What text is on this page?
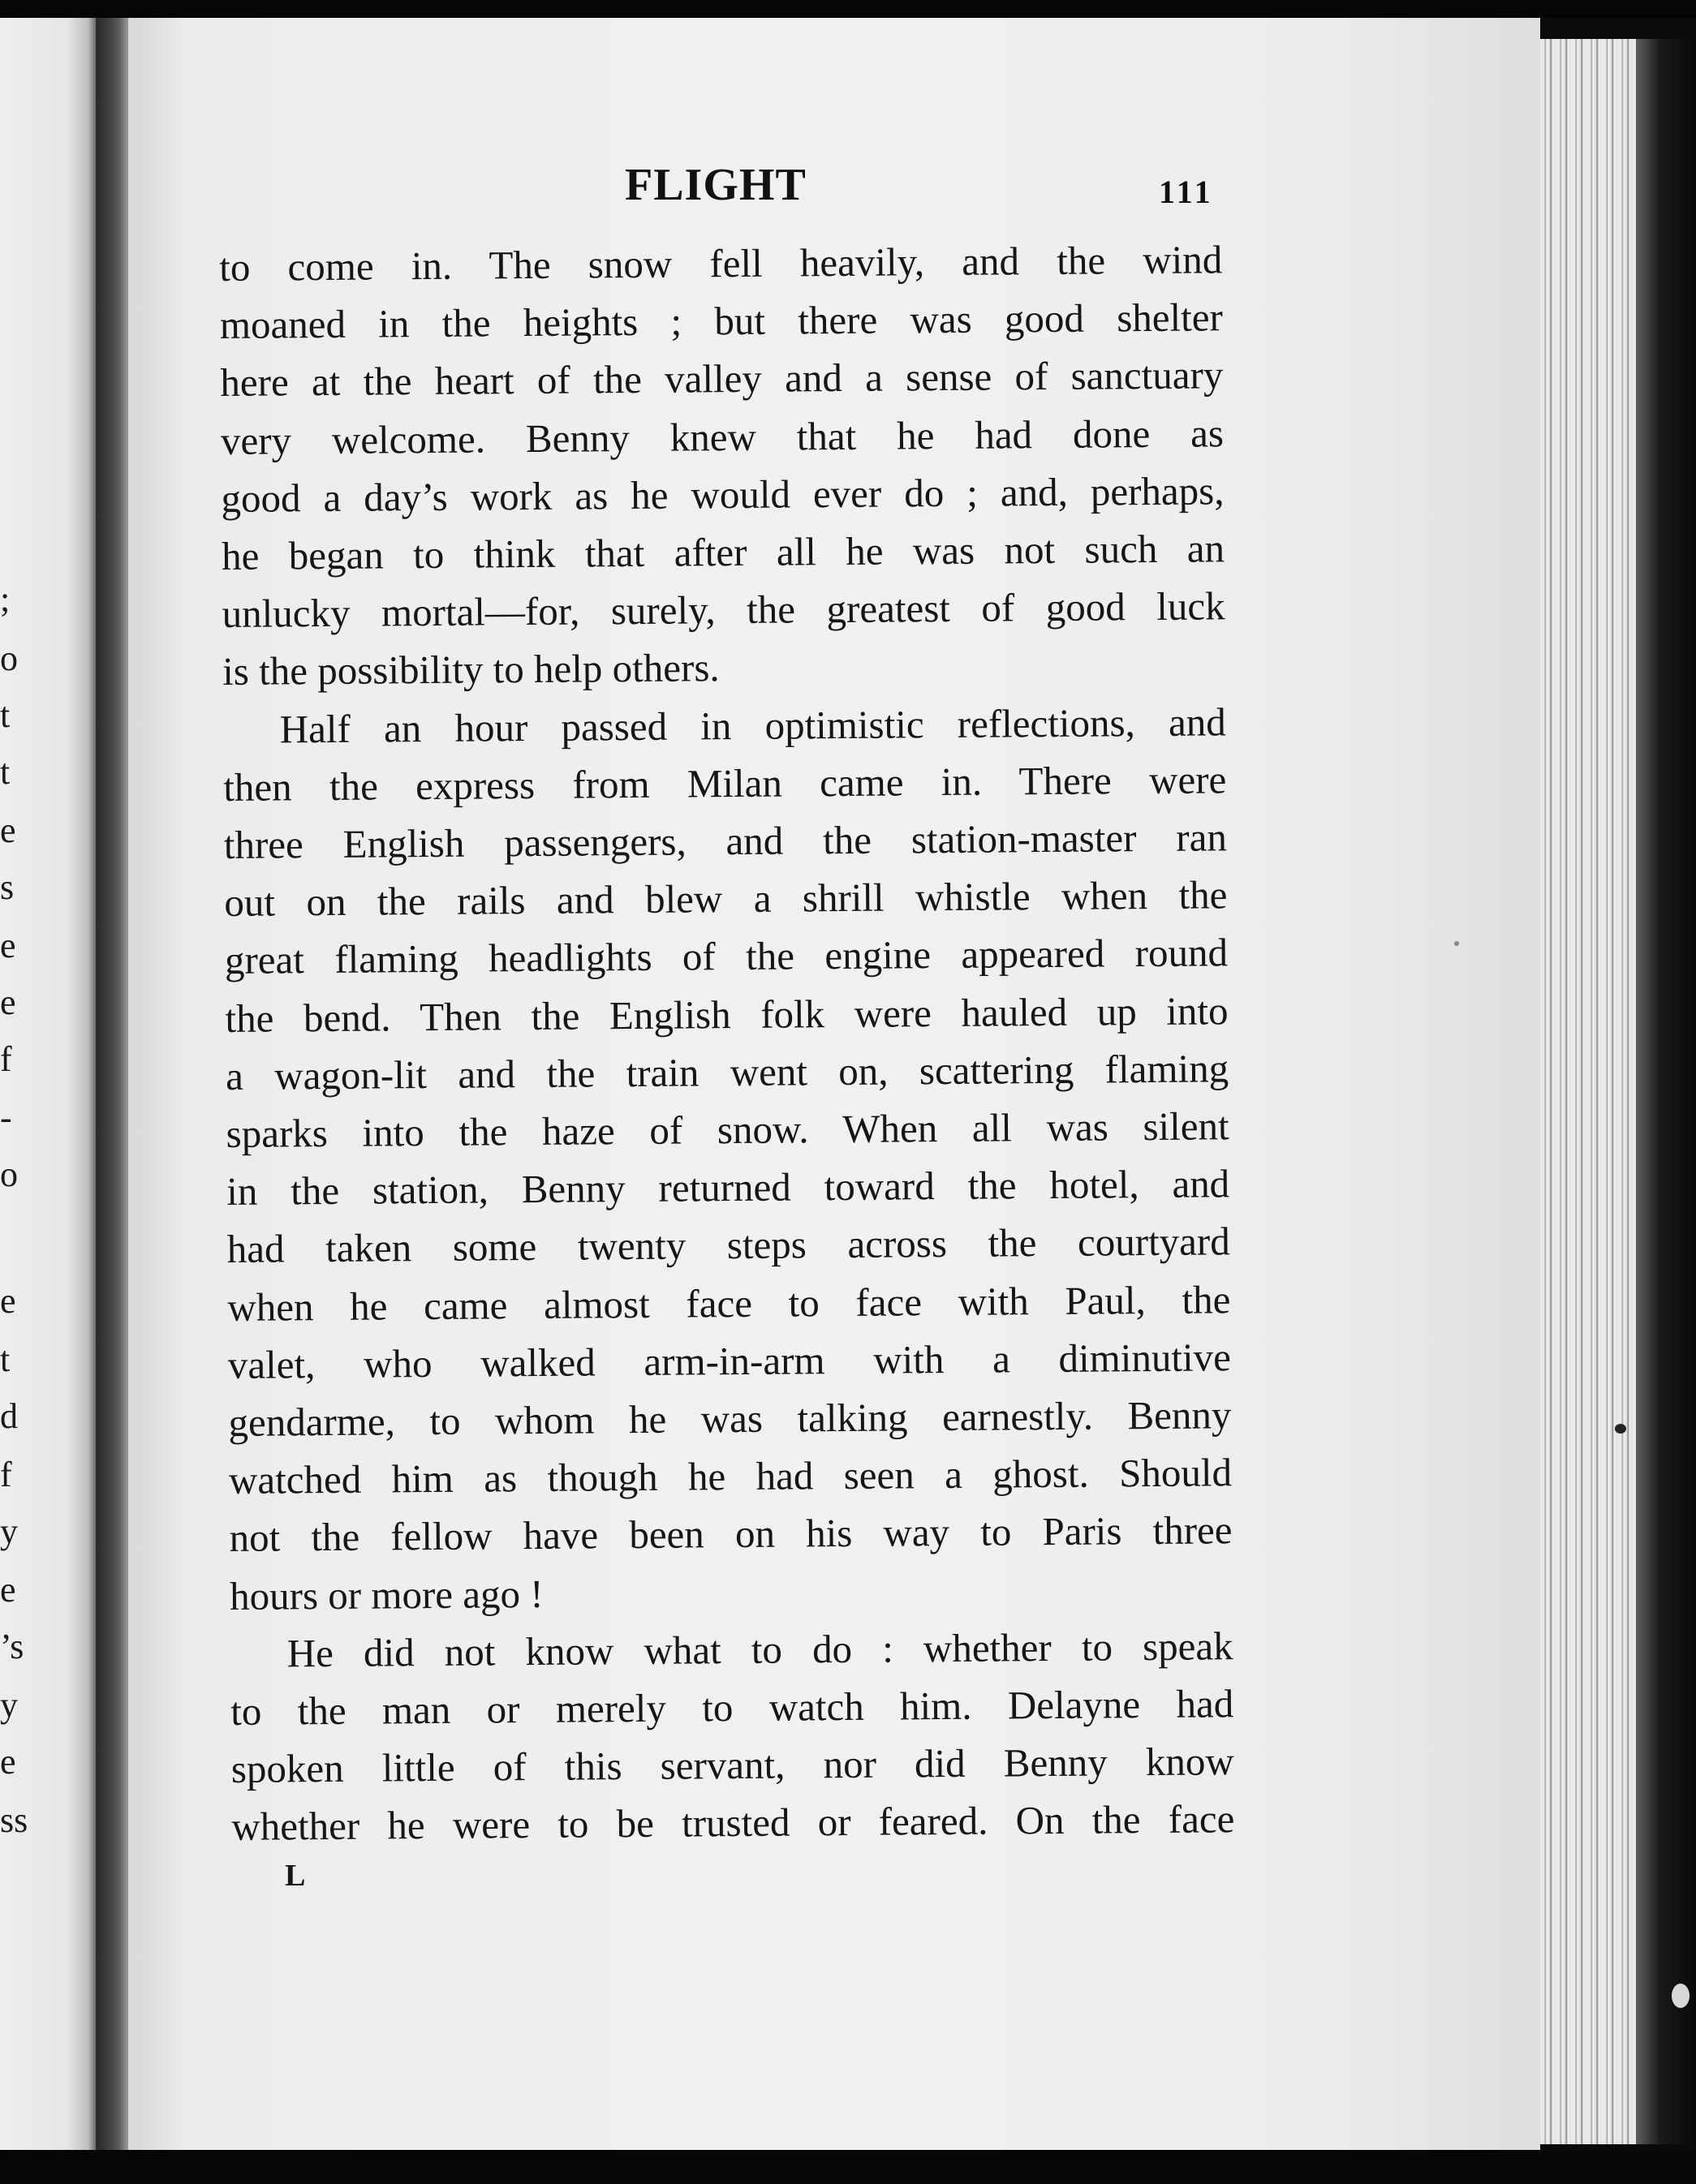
;
o
t
t
e
s
e
e
f
-
o
e
t
d
f
y
e
’s
y
e
ss
FLIGHT	111

to come in. The snow fell heavily, and the wind

moaned in the heights ; but there was good shelter

here at the heart of the valley and a sense of sanctuary

very welcome. Benny knew that he had done as

good a day’s work as he would ever do ; and, perhaps,

he began to think that after all he was not such an

unlucky mortal—for, surely, the greatest of good luck

is the possibility to help others.

Half an hour passed in optimistic reflections, and

then the express from Milan came in. There were

three English passengers, and the station-master ran

out on the rails and blew a shrill whistle when the

great flaming headlights of the engine appeared round

the bend. Then the English folk were hauled up into

a wagon-lit and the train went on, scattering flaming

sparks into the haze of snow. When all was silent

in the station, Benny returned toward the hotel, and

had taken some twenty steps across the courtyard

when he came almost face to face with Paul, the

valet, who walked arm-in-arm with a diminutive

gendarme, to whom he was talking earnestly. Benny

watched him as though he had seen a ghost. Should

not the fellow have been on his way to Paris three

hours or more ago !

He did not know what to do : whether to speak

to the man or merely to watch him. Delayne had

spoken little of this servant, nor did Benny know

whether he were to be trusted or feared. On the face

L
